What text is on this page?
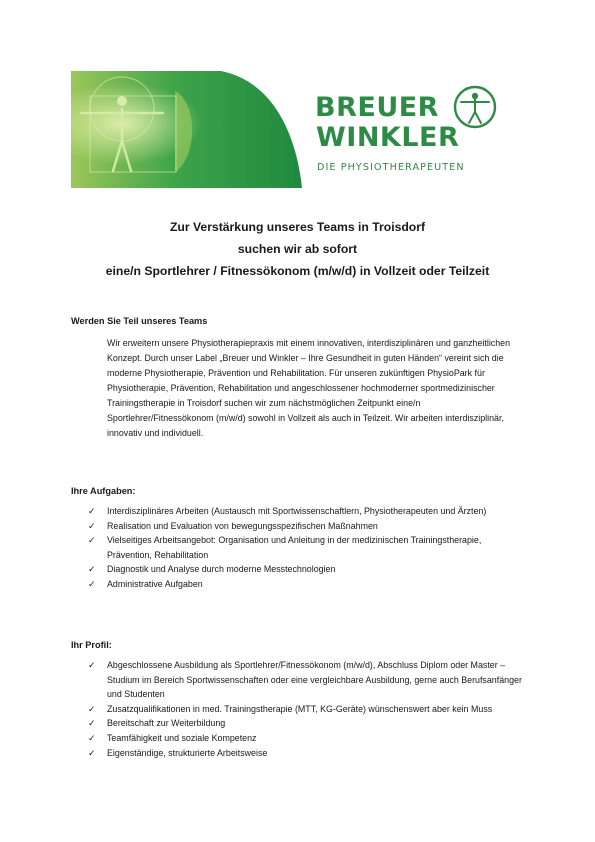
BREUER
WINKLER
DIE PHYSIOTHERAPEUTEN
Zur Verstärkung unseres Teams in Troisdorf
suchen wir ab sofort
eine/n Sportlehrer / Fitnessökonom (m/w/d) in Vollzeit oder Teilzeit
Werden Sie Teil unseres Teams

Wir erweitern unsere Physiotherapiepraxis mit einem innovativen, interdisziplinären und ganzheitlichen Konzept. Durch unser Label „Breuer und Winkler – Ihre Gesundheit in guten Händen“ vereint sich die moderne Physiotherapie, Prävention und Rehabilitation. Für unseren zukünftigen PhysioPark für Physiotherapie, Prävention, Rehabilitation und angeschlossener hochmoderner sportmedizinischer Trainingstherapie in Troisdorf suchen wir zum nächstmöglichen Zeitpunkt eine/n Sportlehrer/Fitnessökonom (m/w/d) sowohl in Vollzeit als auch in Teilzeit. Wir arbeiten interdisziplinär, innovativ und individuell.

Ihre Aufgaben:
✓ Interdisziplinäres Arbeiten (Austausch mit Sportwissenschaftlern, Physiotherapeuten und Ärzten)
✓ Realisation und Evaluation von bewegungsspezifischen Maßnahmen
✓ Vielseitiges Arbeitsangebot: Organisation und Anleitung in der medizinischen Trainingstherapie, Prävention, Rehabilitation
✓ Diagnostik und Analyse durch moderne Messtechnologien
✓ Administrative Aufgaben
Ihr Profil:
✓ Abgeschlossene Ausbildung als Sportlehrer/Fitnessökonom (m/w/d), Abschluss Diplom oder Master – Studium im Bereich Sportwissenschaften oder eine vergleichbare Ausbildung, gerne auch Berufsanfänger und Studenten
✓ Zusatzqualifikationen in med. Trainingstherapie (MTT, KG-Geräte) wünschenswert aber kein Muss
✓ Bereitschaft zur Weiterbildung
✓ Teamfähigkeit und soziale Kompetenz
✓ Eigenständige, strukturierte Arbeitsweise
